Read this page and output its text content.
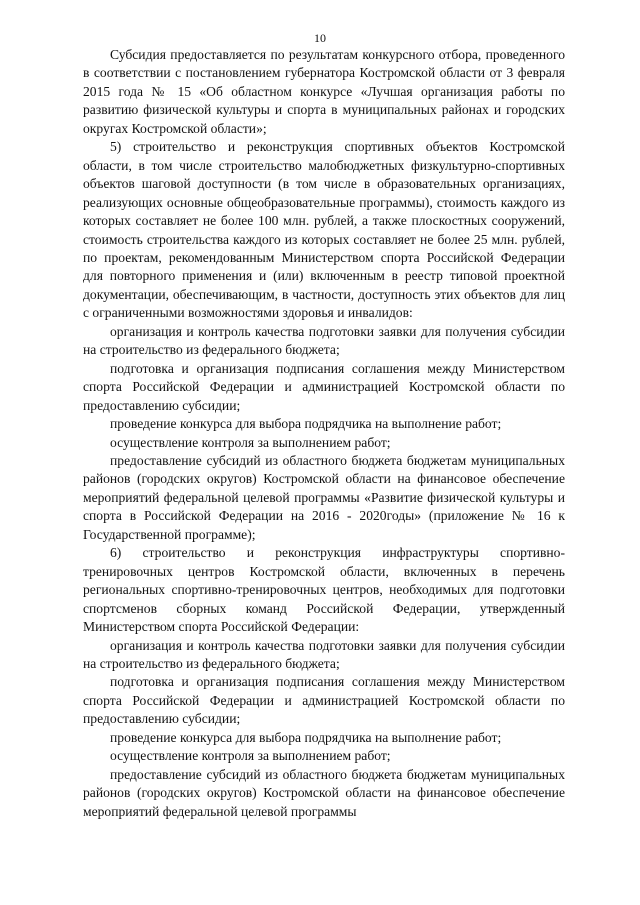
10

Субсидия предоставляется по результатам конкурсного отбора, проведенного в соответствии с постановлением губернатора Костромской области от 3 февраля 2015 года № 15 «Об областном конкурсе «Лучшая организация работы по развитию физической культуры и спорта в муниципальных районах и городских округах Костромской области»;

5) строительство и реконструкция спортивных объектов Костромской области, в том числе строительство малобюджетных физкультурно-спортивных объектов шаговой доступности (в том числе в образовательных организациях, реализующих основные общеобразовательные программы), стоимость каждого из которых составляет не более 100 млн. рублей, а также плоскостных сооружений, стоимость строительства каждого из которых составляет не более 25 млн. рублей, по проектам, рекомендованным Министерством спорта Российской Федерации для повторного применения и (или) включенным в реестр типовой проектной документации, обеспечивающим, в частности, доступность этих объектов для лиц с ограниченными возможностями здоровья и инвалидов:

организация и контроль качества подготовки заявки для получения субсидии на строительство из федерального бюджета;

подготовка и организация подписания соглашения между Министерством спорта Российской Федерации и администрацией Костромской области по предоставлению субсидии;

проведение конкурса для выбора подрядчика на выполнение работ;

осуществление контроля за выполнением работ;

предоставление субсидий из областного бюджета бюджетам муниципальных районов (городских округов) Костромской области на финансовое обеспечение мероприятий федеральной целевой программы «Развитие физической культуры и спорта в Российской Федерации на 2016 - 2020годы» (приложение № 16 к Государственной программе);

6) строительство и реконструкция инфраструктуры спортивно-тренировочных центров Костромской области, включенных в перечень региональных спортивно-тренировочных центров, необходимых для подготовки спортсменов сборных команд Российской Федерации, утвержденный Министерством спорта Российской Федерации:

организация и контроль качества подготовки заявки для получения субсидии на строительство из федерального бюджета;

подготовка и организация подписания соглашения между Министерством спорта Российской Федерации и администрацией Костромской области по предоставлению субсидии;

проведение конкурса для выбора подрядчика на выполнение работ;

осуществление контроля за выполнением работ;

предоставление субсидий из областного бюджета бюджетам муниципальных районов (городских округов) Костромской области на финансовое обеспечение мероприятий федеральной целевой программы
